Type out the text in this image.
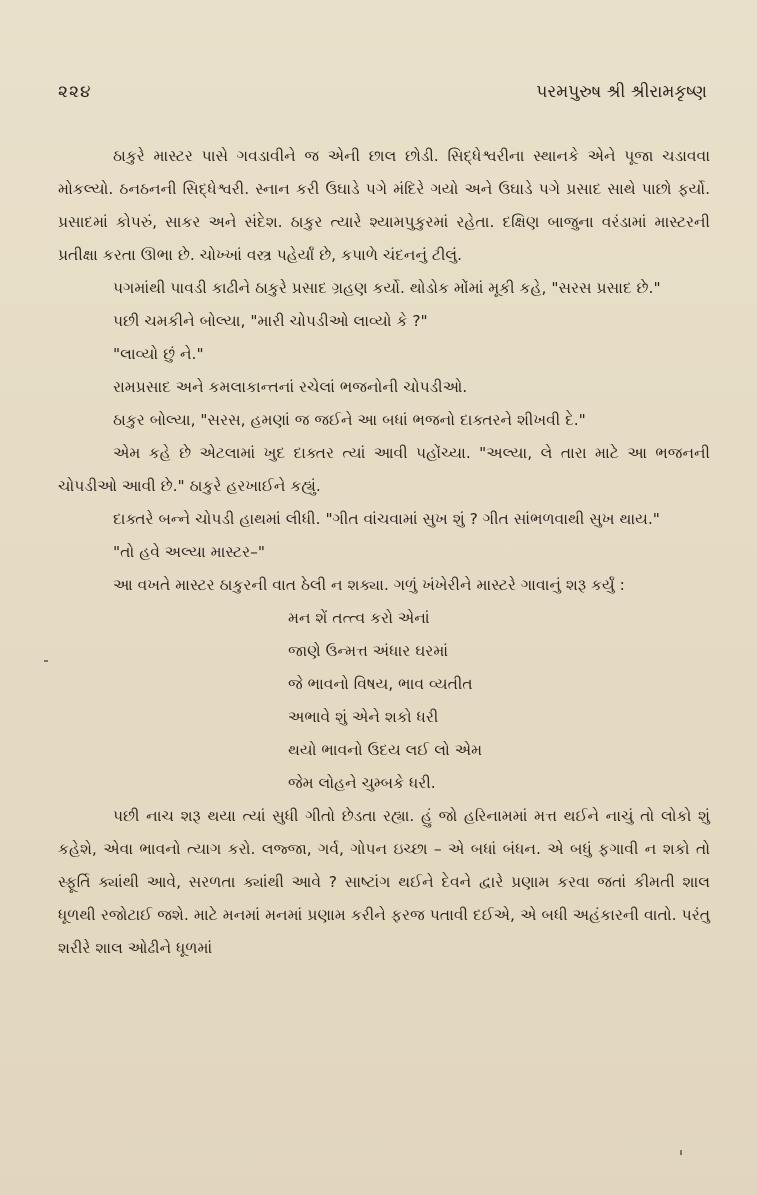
૨૨૪	પરમપુરુષ શ્રી શ્રીરામકૃષ્ણ

ઠાકુરે માસ્ટર પાસે ગવડાવીને જ એની છાલ છોડી. સિદ્ધેશ્વરીના સ્થાનકે એને પૂજા ચડાવવા મોકલ્યો. ઠનઠનની સિદ્ધેશ્વરી. સ્નાન કરી ઉઘાડે પગે મંદિરે ગયો અને ઉઘાડે પગે પ્રસાદ સાથે પાછો ફર્યો. પ્રસાદમાં કોપરું, સાકર અને સંદેશ. ઠાકુર ત્યારે શ્યામપુકુરમાં રહેતા. દક્ષિણ બાજુના વરંડામાં માસ્ટરની પ્રતીક્ષા કરતા ઊભા છે. ચોખ્ખાં વસ્ત્ર પહેર્યાં છે, કપાળે ચંદનનું ટીલું.

પગમાંથી પાવડી કાઢીને ઠાકુરે પ્રસાદ ગ્રહણ કર્યો. થોડોક મોંમાં મૂકી કહે, "સરસ પ્રસાદ છે."

પછી ચમકીને બોલ્યા, "મારી ચોપડીઓ લાવ્યો કે ?"

"લાવ્યો છું ને."

રામપ્રસાદ અને કમલાકાન્તનાં રચેલાં ભજનોની ચોપડીઓ.

ઠાકુર બોલ્યા, "સરસ, હમણાં જ જઈને આ બધાં ભજનો દાક્તરને શીખવી દે."

એમ કહે છે એટલામાં ખુદ દાક્તર ત્યાં આવી પહોંચ્યા. "અલ્યા, લે તારા માટે આ ભજનની ચોપડીઓ આવી છે." ઠાકુરે હરખાઈને કહ્યું.

દાક્તરે બન્ને ચોપડી હાથમાં લીધી. "ગીત વાંચવામાં સુખ શું ? ગીત સાંભળવાથી સુખ થાય."

"તો હવે અલ્યા માસ્ટર–"

આ વખતે માસ્ટર ઠાકુરની વાત ઠેલી ન શક્યા. ગળું ખંખેરીને માસ્ટરે ગાવાનું શરૂ કર્યું :

મન શેં તત્ત્વ કરો એનાં
જાણે ઉન્મત્ત અંધાર ઘરમાં
જે ભાવનો વિષય, ભાવ વ્યતીત
અભાવે શું એને શકો ધરી
થયો ભાવનો ઉદય લઈ લો એમ
જેમ લોહને ચુમ્બકે ધરી.

પછી નાચ શરૂ થયા ત્યાં સુધી ગીતો છેડતા રહ્યા. હું જો હરિનામમાં મત્ત થઈને નાચું તો લોકો શું કહેશે, એવા ભાવનો ત્યાગ કરો. લજ્જા, ગર્વ, ગોપન ઇચ્છા – એ બધાં બંધન. એ બધું ફગાવી ન શકો તો સ્ફૂર્તિ ક્યાંથી આવે, સરળતા ક્યાંથી આવે ? સાષ્ટાંગ થઈને દેવને દ્વારે પ્રણામ કરવા જતાં કીમતી શાલ ધૂળથી રજોટાઈ જશે. માટે મનમાં મનમાં પ્રણામ કરીને ફરજ પતાવી દઈએ, એ બધી અહંકારની વાતો. પરંતુ શરીરે શાલ ઓઢીને ધૂળમાં
